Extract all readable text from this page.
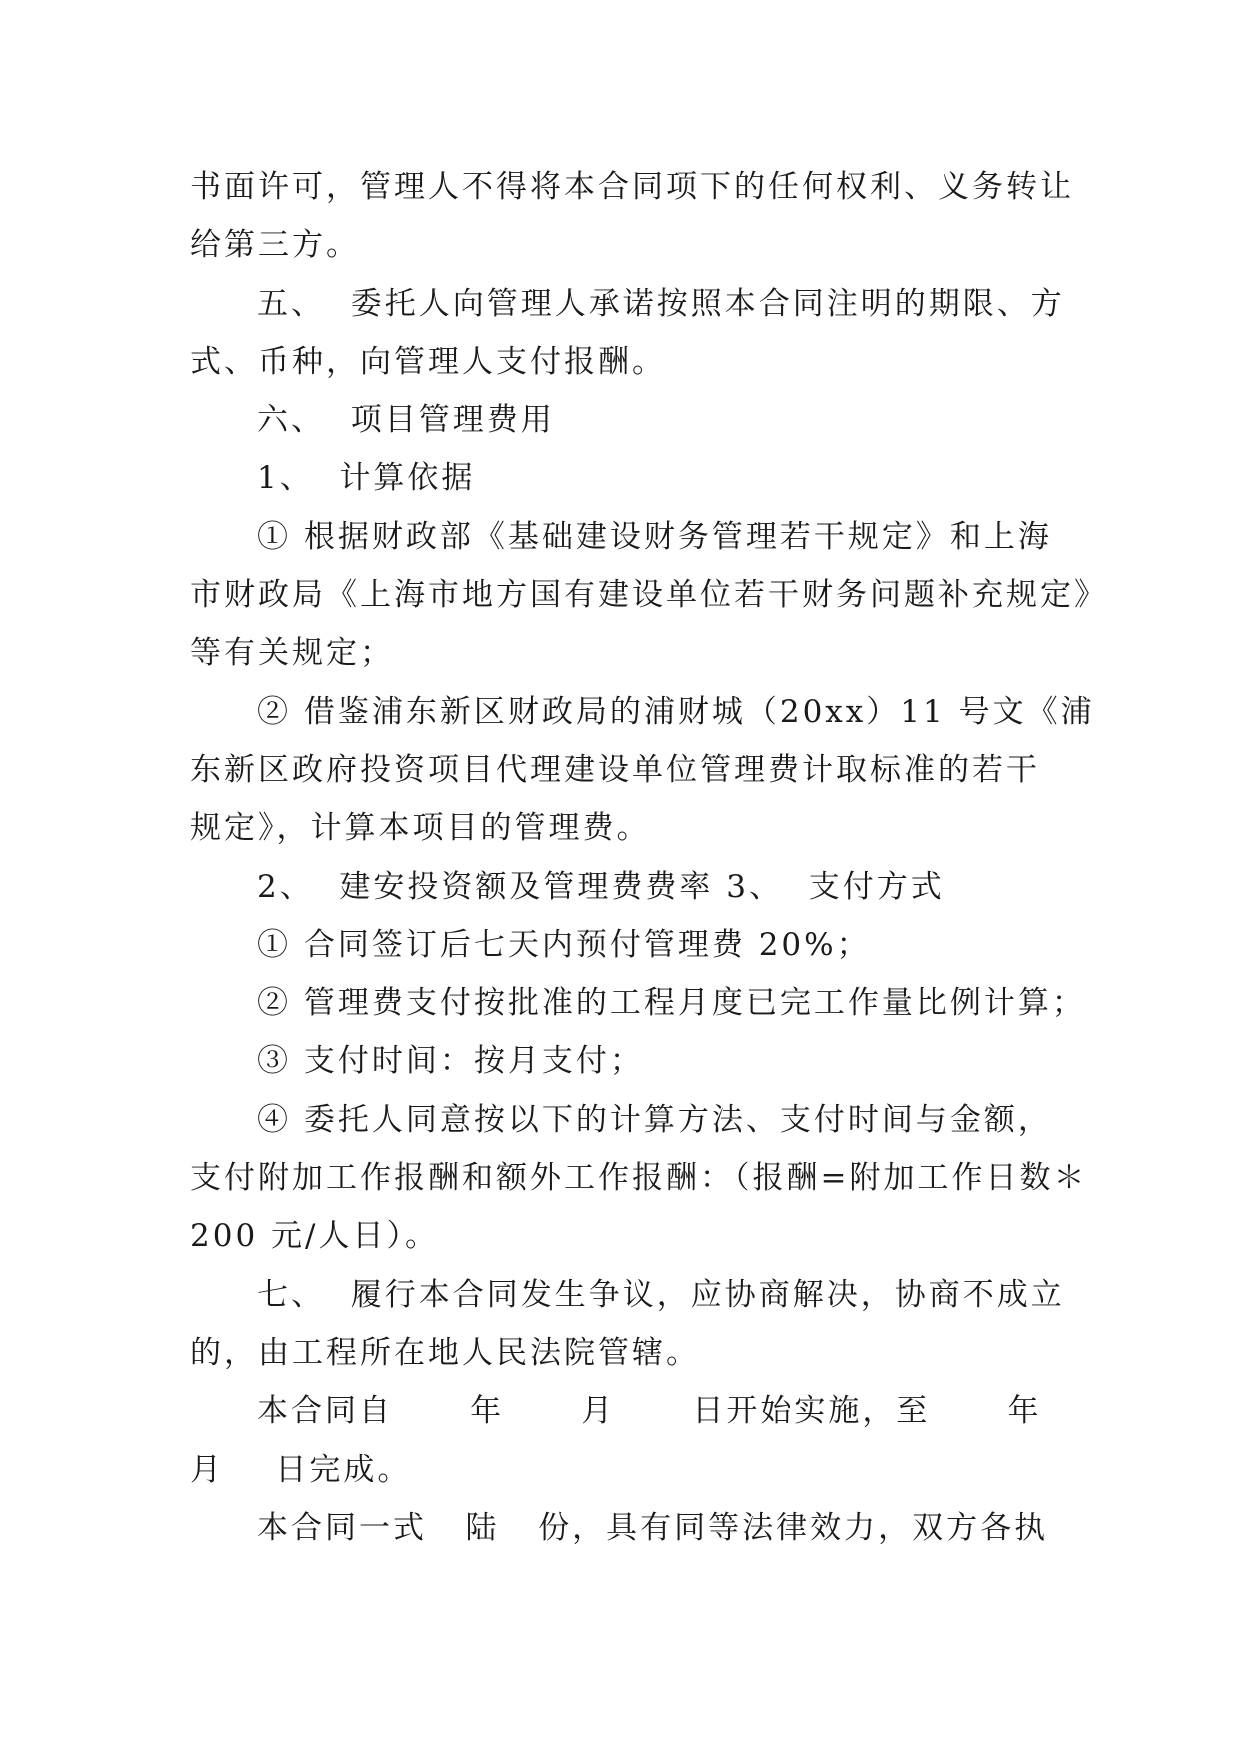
书面许可，管理人不得将本合同项下的任何权利、义务转让
给第三方。
五、  委托人向管理人承诺按照本合同注明的期限、方
式、币种，向管理人支付报酬。
六、  项目管理费用
1、  计算依据
① 根据财政部《基础建设财务管理若干规定》和上海
市财政局《上海市地方国有建设单位若干财务问题补充规定》
等有关规定；
② 借鉴浦东新区财政局的浦财城（20xx）11 号文《浦
东新区政府投资项目代理建设单位管理费计取标准的若干
规定》，计算本项目的管理费。
2、  建安投资额及管理费费率 3、  支付方式
① 合同签订后七天内预付管理费 20%；
② 管理费支付按批准的工程月度已完工作量比例计算；
③ 支付时间：按月支付；
④ 委托人同意按以下的计算方法、支付时间与金额，
支付附加工作报酬和额外工作报酬：（报酬=附加工作日数＊
200 元/人日）。
七、  履行本合同发生争议，应协商解决，协商不成立
的，由工程所在地人民法院管辖。
本合同自      年      月      日开始实施，至      年
月    日完成。
本合同一式   陆   份，具有同等法律效力，双方各执
